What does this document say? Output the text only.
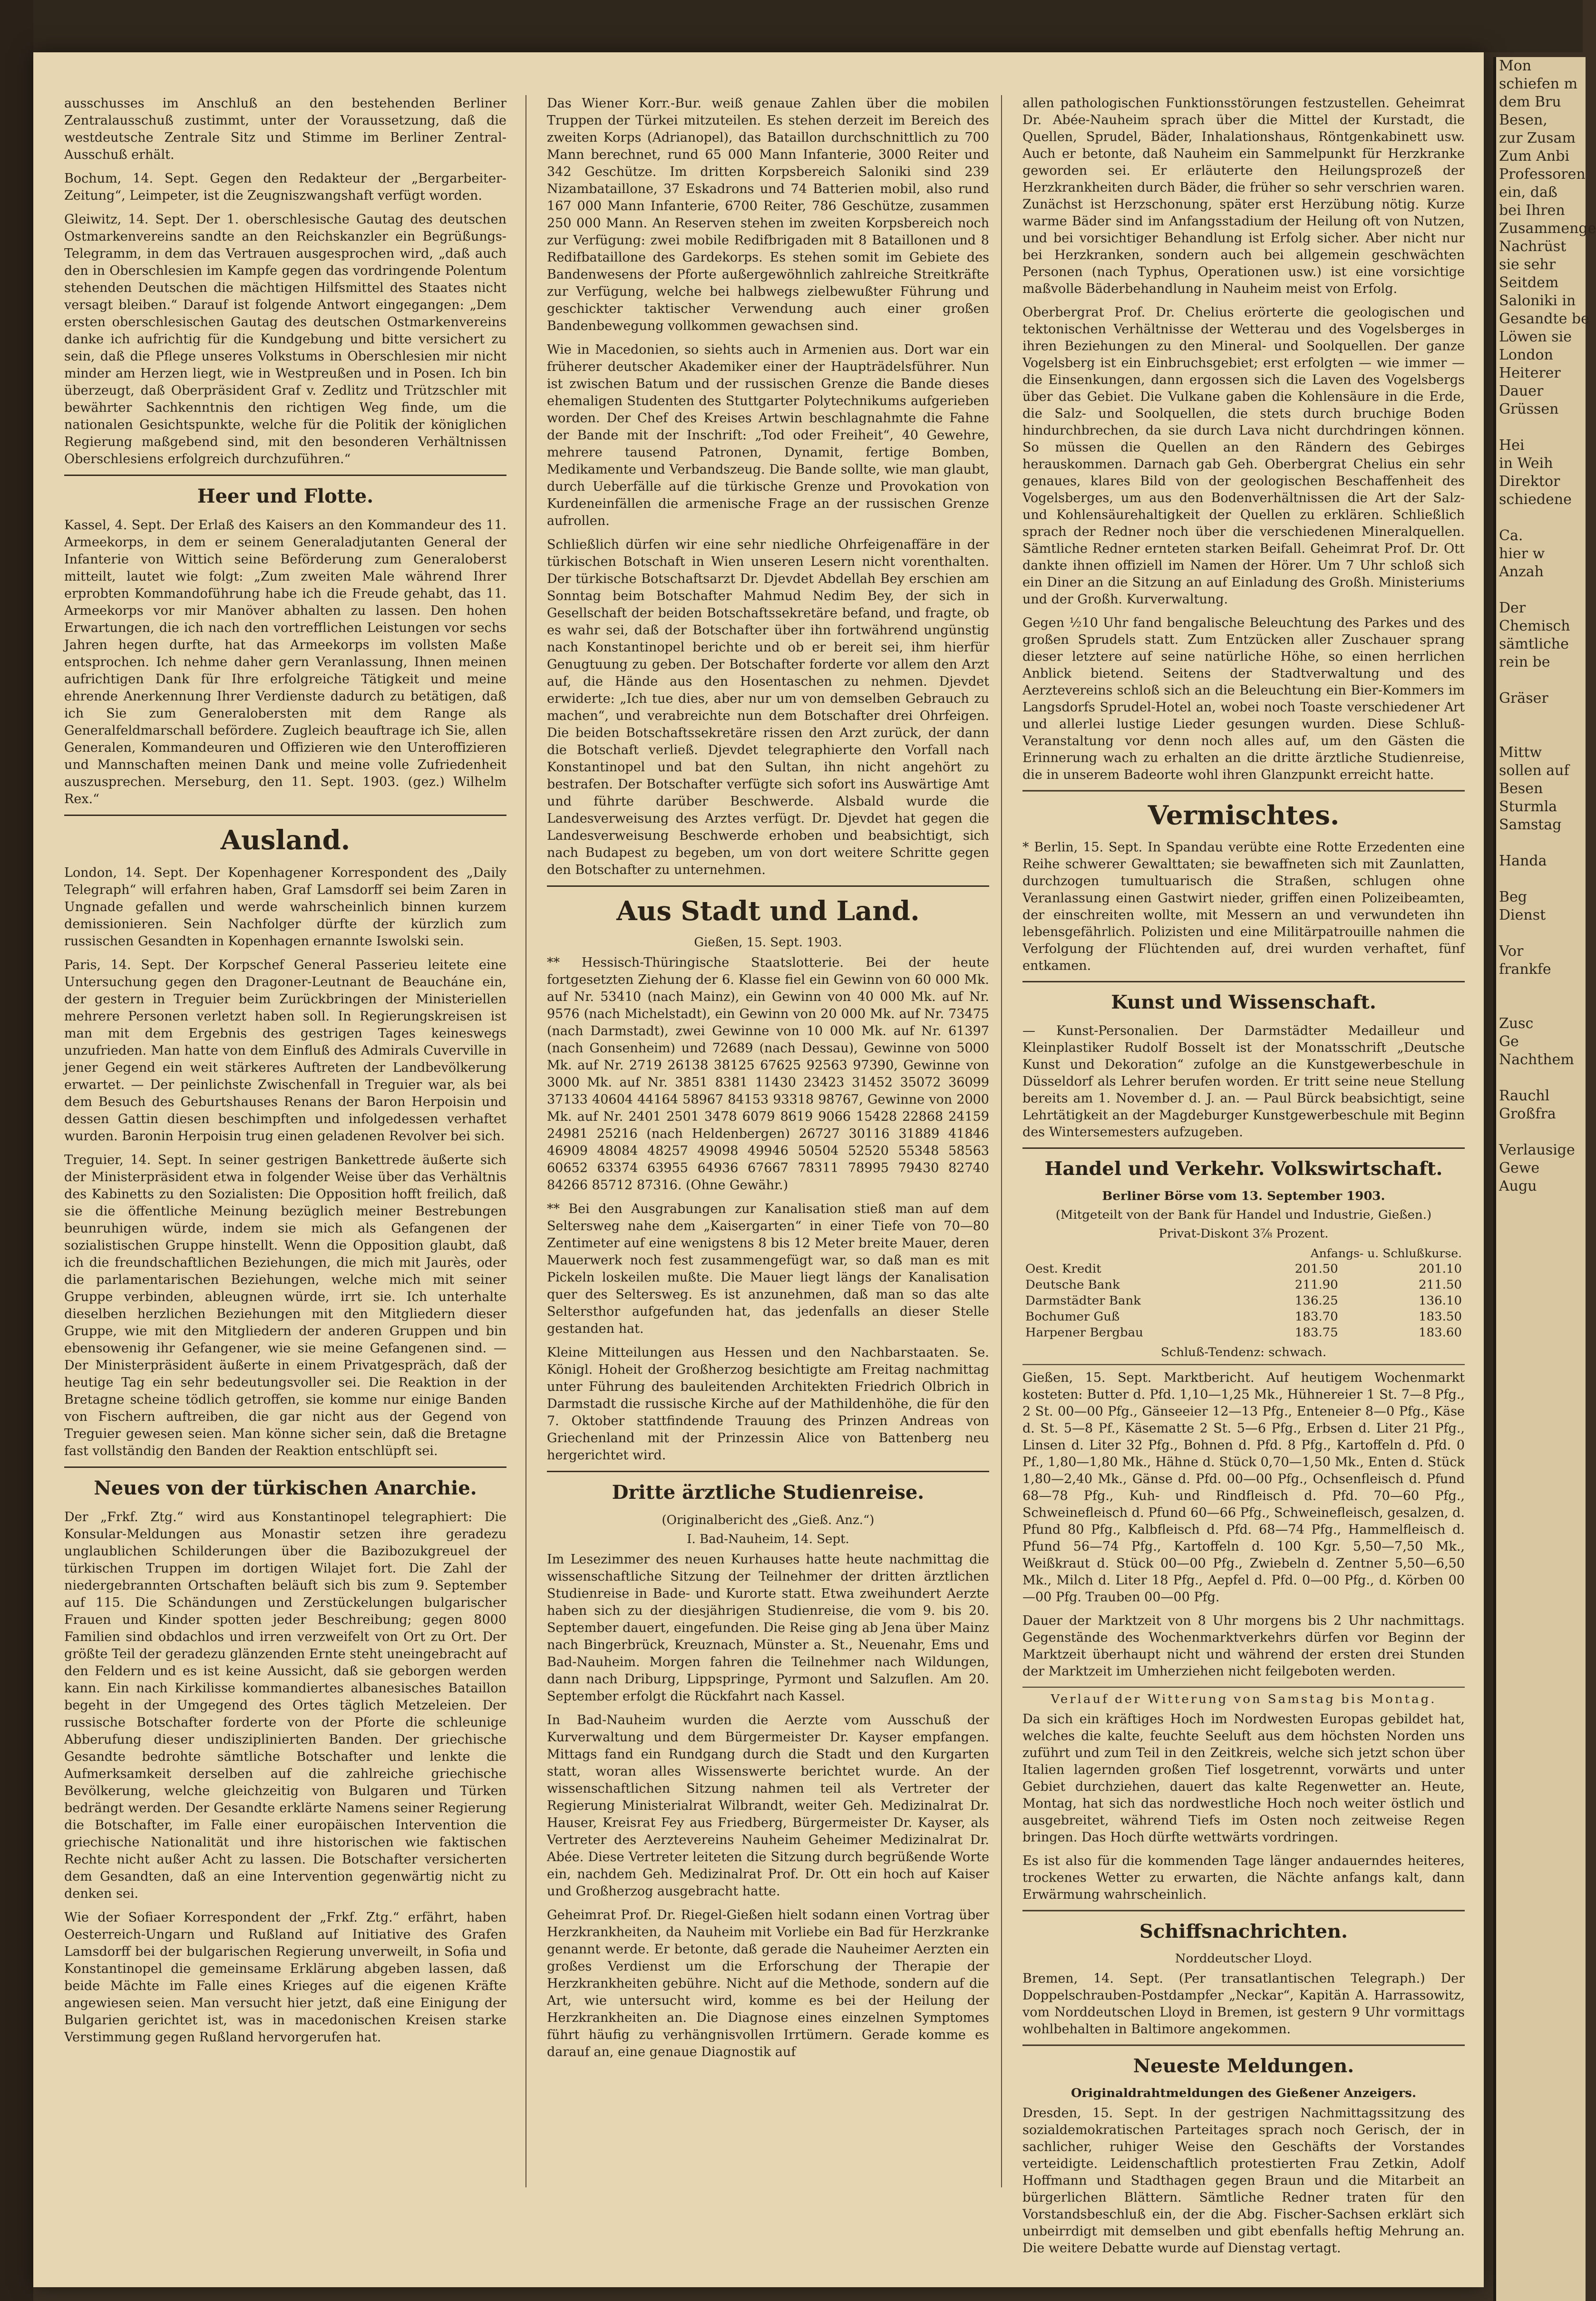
ausschusses im Anschluß an den bestehenden Berliner Zentralausschuß zustimmt, unter der Voraussetzung, daß die westdeutsche Zentrale Sitz und Stimme im Berliner Zentral-Ausschuß erhält.

Bochum, 14. Sept. Gegen den Redakteur der „Bergarbeiter-Zeitung“, Leimpeter, ist die Zeugniszwangshaft verfügt worden.

Gleiwitz, 14. Sept. Der 1. oberschlesische Gautag des deutschen Ostmarkenvereins sandte an den Reichskanzler ein Begrüßungs-Telegramm, in dem das Vertrauen ausgesprochen wird, „daß auch den in Oberschlesien im Kampfe gegen das vordringende Polentum stehenden Deutschen die mächtigen Hilfsmittel des Staates nicht versagt bleiben.“ Darauf ist folgende Antwort eingegangen: „Dem ersten oberschlesischen Gautag des deutschen Ostmarkenvereins danke ich aufrichtig für die Kundgebung und bitte versichert zu sein, daß die Pflege unseres Volkstums in Oberschlesien mir nicht minder am Herzen liegt, wie in Westpreußen und in Posen. Ich bin überzeugt, daß Oberpräsident Graf v. Zedlitz und Trützschler mit bewährter Sachkenntnis den richtigen Weg finde, um die nationalen Gesichtspunkte, welche für die Politik der königlichen Regierung maßgebend sind, mit den besonderen Verhältnissen Oberschlesiens erfolgreich durchzuführen.“

Heer und Flotte.

Kassel, 4. Sept. Der Erlaß des Kaisers an den Kommandeur des 11. Armeekorps, in dem er seinem Generaladjutanten General der Infanterie von Wittich seine Beförderung zum Generaloberst mitteilt, lautet wie folgt: „Zum zweiten Male während Ihrer erprobten Kommandoführung habe ich die Freude gehabt, das 11. Armeekorps vor mir Manöver abhalten zu lassen. Den hohen Erwartungen, die ich nach den vortrefflichen Leistungen vor sechs Jahren hegen durfte, hat das Armeekorps im vollsten Maße entsprochen. Ich nehme daher gern Veranlassung, Ihnen meinen aufrichtigen Dank für Ihre erfolgreiche Tätigkeit und meine ehrende Anerkennung Ihrer Verdienste dadurch zu betätigen, daß ich Sie zum Generalobersten mit dem Range als Generalfeldmarschall befördere. Zugleich beauftrage ich Sie, allen Generalen, Kommandeuren und Offizieren wie den Unteroffizieren und Mannschaften meinen Dank und meine volle Zufriedenheit auszusprechen. Merseburg, den 11. Sept. 1903. (gez.) Wilhelm Rex.“

Ausland.

London, 14. Sept. Der Kopenhagener Korrespondent des „Daily Telegraph“ will erfahren haben, Graf Lamsdorff sei beim Zaren in Ungnade gefallen und werde wahrscheinlich binnen kurzem demissionieren. Sein Nachfolger dürfte der kürzlich zum russischen Gesandten in Kopenhagen ernannte Iswolski sein.

Paris, 14. Sept. Der Korpschef General Passerieu leitete eine Untersuchung gegen den Dragoner-Leutnant de Beaucháne ein, der gestern in Treguier beim Zurückbringen der Ministeriellen mehrere Personen verletzt haben soll. In Regierungskreisen ist man mit dem Ergebnis des gestrigen Tages keineswegs unzufrieden. Man hatte von dem Einfluß des Admirals Cuverville in jener Gegend ein weit stärkeres Auftreten der Landbevölkerung erwartet. — Der peinlichste Zwischenfall in Treguier war, als bei dem Besuch des Geburtshauses Renans der Baron Herpoisin und dessen Gattin diesen beschimpften und infolgedessen verhaftet wurden. Baronin Herpoisin trug einen geladenen Revolver bei sich.

Treguier, 14. Sept. In seiner gestrigen Bankettrede äußerte sich der Ministerpräsident etwa in folgender Weise über das Verhältnis des Kabinetts zu den Sozialisten: Die Opposition hofft freilich, daß sie die öffentliche Meinung bezüglich meiner Bestrebungen beunruhigen würde, indem sie mich als Gefangenen der sozialistischen Gruppe hinstellt. Wenn die Opposition glaubt, daß ich die freundschaftlichen Beziehungen, die mich mit Jaurès, oder die parlamentarischen Beziehungen, welche mich mit seiner Gruppe verbinden, ableugnen würde, irrt sie. Ich unterhalte dieselben herzlichen Beziehungen mit den Mitgliedern dieser Gruppe, wie mit den Mitgliedern der anderen Gruppen und bin ebensowenig ihr Gefangener, wie sie meine Gefangenen sind. — Der Ministerpräsident äußerte in einem Privatgespräch, daß der heutige Tag ein sehr bedeutungsvoller sei. Die Reaktion in der Bretagne scheine tödlich getroffen, sie komme nur einige Banden von Fischern auftreiben, die gar nicht aus der Gegend von Treguier gewesen seien. Man könne sicher sein, daß die Bretagne fast vollständig den Banden der Reaktion entschlüpft sei.

Neues von der türkischen Anarchie.

Der „Frkf. Ztg.“ wird aus Konstantinopel telegraphiert: Die Konsular-Meldungen aus Monastir setzen ihre geradezu unglaublichen Schilderungen über die Bazibozukgreuel der türkischen Truppen im dortigen Wilajet fort. Die Zahl der niedergebrannten Ortschaften beläuft sich bis zum 9. September auf 115. Die Schändungen und Zerstückelungen bulgarischer Frauen und Kinder spotten jeder Beschreibung; gegen 8000 Familien sind obdachlos und irren verzweifelt von Ort zu Ort. Der größte Teil der geradezu glänzenden Ernte steht uneingebracht auf den Feldern und es ist keine Aussicht, daß sie geborgen werden kann. Ein nach Kirkilisse kommandiertes albanesisches Bataillon begeht in der Umgegend des Ortes täglich Metzeleien. Der russische Botschafter forderte von der Pforte die schleunige Abberufung dieser undisziplinierten Banden. Der griechische Gesandte bedrohte sämtliche Botschafter und lenkte die Aufmerksamkeit derselben auf die zahlreiche griechische Bevölkerung, welche gleichzeitig von Bulgaren und Türken bedrängt werden. Der Gesandte erklärte Namens seiner Regierung die Botschafter, im Falle einer europäischen Intervention die griechische Nationalität und ihre historischen wie faktischen Rechte nicht außer Acht zu lassen. Die Botschafter versicherten dem Gesandten, daß an eine Intervention gegenwärtig nicht zu denken sei.

Wie der Sofiaer Korrespondent der „Frkf. Ztg.“ erfährt, haben Oesterreich-Ungarn und Rußland auf Initiative des Grafen Lamsdorff bei der bulgarischen Regierung unverweilt, in Sofia und Konstantinopel die gemeinsame Erklärung abgeben lassen, daß beide Mächte im Falle eines Krieges auf die eigenen Kräfte angewiesen seien. Man versucht hier jetzt, daß eine Einigung der Bulgarien gerichtet ist, was in macedonischen Kreisen starke Verstimmung gegen Rußland hervorgerufen hat.

Das Wiener Korr.-Bur. weiß genaue Zahlen über die mobilen Truppen der Türkei mitzuteilen. Es stehen derzeit im Bereich des zweiten Korps (Adrianopel), das Bataillon durchschnittlich zu 700 Mann berechnet, rund 65 000 Mann Infanterie, 3000 Reiter und 342 Geschütze. Im dritten Korpsbereich Saloniki sind 239 Nizambataillone, 37 Eskadrons und 74 Batterien mobil, also rund 167 000 Mann Infanterie, 6700 Reiter, 786 Geschütze, zusammen 250 000 Mann. An Reserven stehen im zweiten Korpsbereich noch zur Verfügung: zwei mobile Redifbrigaden mit 8 Bataillonen und 8 Redifbataillone des Gardekorps. Es stehen somit im Gebiete des Bandenwesens der Pforte außergewöhnlich zahlreiche Streitkräfte zur Verfügung, welche bei halbwegs zielbewußter Führung und geschickter taktischer Verwendung auch einer großen Bandenbewegung vollkommen gewachsen sind.

Wie in Macedonien, so siehts auch in Armenien aus. Dort war ein früherer deutscher Akademiker einer der Haupträdelsführer. Nun ist zwischen Batum und der russischen Grenze die Bande dieses ehemaligen Studenten des Stuttgarter Polytechnikums aufgerieben worden. Der Chef des Kreises Artwin beschlagnahmte die Fahne der Bande mit der Inschrift: „Tod oder Freiheit“, 40 Gewehre, mehrere tausend Patronen, Dynamit, fertige Bomben, Medikamente und Verbandszeug. Die Bande sollte, wie man glaubt, durch Ueberfälle auf die türkische Grenze und Provokation von Kurdeneinfällen die armenische Frage an der russischen Grenze aufrollen.

Schließlich dürfen wir eine sehr niedliche Ohrfeigenaffäre in der türkischen Botschaft in Wien unseren Lesern nicht vorenthalten. Der türkische Botschaftsarzt Dr. Djevdet Abdellah Bey erschien am Sonntag beim Botschafter Mahmud Nedim Bey, der sich in Gesellschaft der beiden Botschaftssekretäre befand, und fragte, ob es wahr sei, daß der Botschafter über ihn fortwährend ungünstig nach Konstantinopel berichte und ob er bereit sei, ihm hierfür Genugtuung zu geben. Der Botschafter forderte vor allem den Arzt auf, die Hände aus den Hosentaschen zu nehmen. Djevdet erwiderte: „Ich tue dies, aber nur um von demselben Gebrauch zu machen“, und verabreichte nun dem Botschafter drei Ohrfeigen. Die beiden Botschaftssekretäre rissen den Arzt zurück, der dann die Botschaft verließ. Djevdet telegraphierte den Vorfall nach Konstantinopel und bat den Sultan, ihn nicht angehört zu bestrafen. Der Botschafter verfügte sich sofort ins Auswärtige Amt und führte darüber Beschwerde. Alsbald wurde die Landesverweisung des Arztes verfügt. Dr. Djevdet hat gegen die Landesverweisung Beschwerde erhoben und beabsichtigt, sich nach Budapest zu begeben, um von dort weitere Schritte gegen den Botschafter zu unternehmen.

Aus Stadt und Land.
Gießen, 15. Sept. 1903.

** Hessisch-Thüringische Staatslotterie. Bei der heute fortgesetzten Ziehung der 6. Klasse fiel ein Gewinn von 60 000 Mk. auf Nr. 53410 (nach Mainz), ein Gewinn von 40 000 Mk. auf Nr. 9576 (nach Michelstadt), ein Gewinn von 20 000 Mk. auf Nr. 73475 (nach Darmstadt), zwei Gewinne von 10 000 Mk. auf Nr. 61397 (nach Gonsenheim) und 72689 (nach Dessau), Gewinne von 5000 Mk. auf Nr. 2719 26138 38125 67625 92563 97390, Gewinne von 3000 Mk. auf Nr. 3851 8381 11430 23423 31452 35072 36099 37133 40604 44164 58967 84153 93318 98767, Gewinne von 2000 Mk. auf Nr. 2401 2501 3478 6079 8619 9066 15428 22868 24159 24981 25216 (nach Heldenbergen) 26727 30116 31889 41846 46909 48084 48257 49098 49946 50504 52520 55348 58563 60652 63374 63955 64936 67667 78311 78995 79430 82740 84266 85712 87316. (Ohne Gewähr.)

** Bei den Ausgrabungen zur Kanalisation stieß man auf dem Seltersweg nahe dem „Kaisergarten“ in einer Tiefe von 70—80 Zentimeter auf eine wenigstens 8 bis 12 Meter breite Mauer, deren Mauerwerk noch fest zusammengefügt war, so daß man es mit Pickeln loskeilen mußte. Die Mauer liegt längs der Kanalisation quer des Seltersweg. Es ist anzunehmen, daß man so das alte Seltersthor aufgefunden hat, das jedenfalls an dieser Stelle gestanden hat.

Kleine Mitteilungen aus Hessen und den Nachbarstaaten. Se. Königl. Hoheit der Großherzog besichtigte am Freitag nachmittag unter Führung des bauleitenden Architekten Friedrich Olbrich in Darmstadt die russische Kirche auf der Mathildenhöhe, die für den 7. Oktober stattfindende Trauung des Prinzen Andreas von Griechenland mit der Prinzessin Alice von Battenberg neu hergerichtet wird.

Dritte ärztliche Studienreise.
(Originalbericht des „Gieß. Anz.“)
I. Bad-Nauheim, 14. Sept.

Im Lesezimmer des neuen Kurhauses hatte heute nachmittag die wissenschaftliche Sitzung der Teilnehmer der dritten ärztlichen Studienreise in Bade- und Kurorte statt. Etwa zweihundert Aerzte haben sich zu der diesjährigen Studienreise, die vom 9. bis 20. September dauert, eingefunden. Die Reise ging ab Jena über Mainz nach Bingerbrück, Kreuznach, Münster a. St., Neuenahr, Ems und Bad-Nauheim. Morgen fahren die Teilnehmer nach Wildungen, dann nach Driburg, Lippspringe, Pyrmont und Salzuflen. Am 20. September erfolgt die Rückfahrt nach Kassel.

In Bad-Nauheim wurden die Aerzte vom Ausschuß der Kurverwaltung und dem Bürgermeister Dr. Kayser empfangen. Mittags fand ein Rundgang durch die Stadt und den Kurgarten statt, woran alles Wissenswerte berichtet wurde. An der wissenschaftlichen Sitzung nahmen teil als Vertreter der Regierung Ministerialrat Wilbrandt, weiter Geh. Medizinalrat Dr. Hauser, Kreisrat Fey aus Friedberg, Bürgermeister Dr. Kayser, als Vertreter des Aerztevereins Nauheim Geheimer Medizinalrat Dr. Abée. Diese Vertreter leiteten die Sitzung durch begrüßende Worte ein, nachdem Geh. Medizinalrat Prof. Dr. Ott ein hoch auf Kaiser und Großherzog ausgebracht hatte.

Geheimrat Prof. Dr. Riegel-Gießen hielt sodann einen Vortrag über Herzkrankheiten, da Nauheim mit Vorliebe ein Bad für Herzkranke genannt werde. Er betonte, daß gerade die Nauheimer Aerzten ein großes Verdienst um die Erforschung der Therapie der Herzkrankheiten gebühre. Nicht auf die Methode, sondern auf die Art, wie untersucht wird, komme es bei der Heilung der Herzkrankheiten an. Die Diagnose eines einzelnen Symptomes führt häufig zu verhängnisvollen Irrtümern. Gerade komme es darauf an, eine genaue Diagnostik auf

allen pathologischen Funktionsstörungen festzustellen. Geheimrat Dr. Abée-Nauheim sprach über die Mittel der Kurstadt, die Quellen, Sprudel, Bäder, Inhalationshaus, Röntgenkabinett usw. Auch er betonte, daß Nauheim ein Sammelpunkt für Herzkranke geworden sei. Er erläuterte den Heilungsprozeß der Herzkrankheiten durch Bäder, die früher so sehr verschrien waren. Zunächst ist Herzschonung, später erst Herzübung nötig. Kurze warme Bäder sind im Anfangsstadium der Heilung oft von Nutzen, und bei vorsichtiger Behandlung ist Erfolg sicher. Aber nicht nur bei Herzkranken, sondern auch bei allgemein geschwächten Personen (nach Typhus, Operationen usw.) ist eine vorsichtige maßvolle Bäderbehandlung in Nauheim meist von Erfolg.

Oberbergrat Prof. Dr. Chelius erörterte die geologischen und tektonischen Verhältnisse der Wetterau und des Vogelsberges in ihren Beziehungen zu den Mineral- und Soolquellen. Der ganze Vogelsberg ist ein Einbruchsgebiet; erst erfolgten — wie immer — die Einsenkungen, dann ergossen sich die Laven des Vogelsbergs über das Gebiet. Die Vulkane gaben die Kohlensäure in die Erde, die Salz- und Soolquellen, die stets durch bruchige Boden hindurchbrechen, da sie durch Lava nicht durchdringen können. So müssen die Quellen an den Rändern des Gebirges herauskommen. Darnach gab Geh. Oberbergrat Chelius ein sehr genaues, klares Bild von der geologischen Beschaffenheit des Vogelsberges, um aus den Bodenverhältnissen die Art der Salz- und Kohlensäurehaltigkeit der Quellen zu erklären. Schließlich sprach der Redner noch über die verschiedenen Mineralquellen. Sämtliche Redner ernteten starken Beifall. Geheimrat Prof. Dr. Ott dankte ihnen offiziell im Namen der Hörer. Um 7 Uhr schloß sich ein Diner an die Sitzung an auf Einladung des Großh. Ministeriums und der Großh. Kurverwaltung.

Gegen ½10 Uhr fand bengalische Beleuchtung des Parkes und des großen Sprudels statt. Zum Entzücken aller Zuschauer sprang dieser letztere auf seine natürliche Höhe, so einen herrlichen Anblick bietend. Seitens der Stadtverwaltung und des Aerztevereins schloß sich an die Beleuchtung ein Bier-Kommers im Langsdorfs Sprudel-Hotel an, wobei noch Toaste verschiedener Art und allerlei lustige Lieder gesungen wurden. Diese Schluß-Veranstaltung vor denn noch alles auf, um den Gästen die Erinnerung wach zu erhalten an die dritte ärztliche Studienreise, die in unserem Badeorte wohl ihren Glanzpunkt erreicht hatte.

Vermischtes.

* Berlin, 15. Sept. In Spandau verübte eine Rotte Erzedenten eine Reihe schwerer Gewalttaten; sie bewaffneten sich mit Zaunlatten, durchzogen tumultuarisch die Straßen, schlugen ohne Veranlassung einen Gastwirt nieder, griffen einen Polizeibeamten, der einschreiten wollte, mit Messern an und verwundeten ihn lebensgefährlich. Polizisten und eine Militärpatrouille nahmen die Verfolgung der Flüchtenden auf, drei wurden verhaftet, fünf entkamen.

Kunst und Wissenschaft.

— Kunst-Personalien. Der Darmstädter Medailleur und Kleinplastiker Rudolf Bosselt ist der Monatsschrift „Deutsche Kunst und Dekoration“ zufolge an die Kunstgewerbeschule in Düsseldorf als Lehrer berufen worden. Er tritt seine neue Stellung bereits am 1. November d. J. an. — Paul Bürck beabsichtigt, seine Lehrtätigkeit an der Magdeburger Kunstgewerbeschule mit Beginn des Wintersemesters aufzugeben.

Handel und Verkehr. Volkswirtschaft.
Berliner Börse vom 13. September 1903.
(Mitgeteilt von der Bank für Handel und Industrie, Gießen.)
Privat-Diskont 3⅞ Prozent.
	Anfangs- u. Schlußkurse.	
Oest. Kredit	201.50	201.10
Deutsche Bank	211.90	211.50
Darmstädter Bank	136.25	136.10
Bochumer Guß	183.70	183.50
Harpener Bergbau	183.75	183.60
Schluß-Tendenz: schwach.

Gießen, 15. Sept. Marktbericht. Auf heutigem Wochenmarkt kosteten: Butter d. Pfd. 1,10—1,25 Mk., Hühnereier 1 St. 7—8 Pfg., 2 St. 00—00 Pfg., Gänseeier 12—13 Pfg., Enteneier 8—0 Pfg., Käse d. St. 5—8 Pf., Käsematte 2 St. 5—6 Pfg., Erbsen d. Liter 21 Pfg., Linsen d. Liter 32 Pfg., Bohnen d. Pfd. 8 Pfg., Kartoffeln d. Pfd. 0 Pf., 1,80—1,80 Mk., Hähne d. Stück 0,70—1,50 Mk., Enten d. Stück 1,80—2,40 Mk., Gänse d. Pfd. 00—00 Pfg., Ochsenfleisch d. Pfund 68—78 Pfg., Kuh- und Rindfleisch d. Pfd. 70—60 Pfg., Schweinefleisch d. Pfund 60—66 Pfg., Schweinefleisch, gesalzen, d. Pfund 80 Pfg., Kalbfleisch d. Pfd. 68—74 Pfg., Hammelfleisch d. Pfund 56—74 Pfg., Kartoffeln d. 100 Kgr. 5,50—7,50 Mk., Weißkraut d. Stück 00—00 Pfg., Zwiebeln d. Zentner 5,50—6,50 Mk., Milch d. Liter 18 Pfg., Aepfel d. Pfd. 0—00 Pfg., d. Körben 00—00 Pfg. Trauben 00—00 Pfg.

Dauer der Marktzeit von 8 Uhr morgens bis 2 Uhr nachmittags. Gegenstände des Wochenmarktverkehrs dürfen vor Beginn der Marktzeit überhaupt nicht und während der ersten drei Stunden der Marktzeit im Umherziehen nicht feilgeboten werden.

Verlauf der Witterung von Samstag bis Montag.

Da sich ein kräftiges Hoch im Nordwesten Europas gebildet hat, welches die kalte, feuchte Seeluft aus dem höchsten Norden uns zuführt und zum Teil in den Zeitkreis, welche sich jetzt schon über Italien lagernden großen Tief losgetrennt, vorwärts und unter Gebiet durchziehen, dauert das kalte Regenwetter an. Heute, Montag, hat sich das nordwestliche Hoch noch weiter östlich und ausgebreitet, während Tiefs im Osten noch zeitweise Regen bringen. Das Hoch dürfte wettwärts vordringen.

Es ist also für die kommenden Tage länger andauerndes heiteres, trockenes Wetter zu erwarten, die Nächte anfangs kalt, dann Erwärmung wahrscheinlich.

Schiffsnachrichten.
Norddeutscher Lloyd.

Bremen, 14. Sept. (Per transatlantischen Telegraph.) Der Doppelschrauben-Postdampfer „Neckar“, Kapitän A. Harrassowitz, vom Norddeutschen Lloyd in Bremen, ist gestern 9 Uhr vormittags wohlbehalten in Baltimore angekommen.

Neueste Meldungen.
Originaldrahtmeldungen des Gießener Anzeigers.

Dresden, 15. Sept. In der gestrigen Nachmittagssitzung des sozialdemokratischen Parteitages sprach noch Gerisch, der in sachlicher, ruhiger Weise den Geschäfts der Vorstandes verteidigte. Leidenschaftlich protestierten Frau Zetkin, Adolf Hoffmann und Stadthagen gegen Braun und die Mitarbeit an bürgerlichen Blättern. Sämtliche Redner traten für den Vorstandsbeschluß ein, der die Abg. Fischer-Sachsen erklärt sich unbeirrdigt mit demselben und gibt ebenfalls heftig Mehrung an. Die weitere Debatte wurde auf Dienstag vertagt.

Mon
schiefen m
dem Bru
Besen,
zur Zusam
Zum Anbi
Professoren
ein, daß
bei Ihren
Zusammenge
Nachrüst
sie sehr
Seitdem
Saloniki in
Gesandte be
Löwen sie
London
Heiterer
Dauer
Grüssen

Hei
in Weih
Direktor
schiedene

Ca.
hier w
Anzah

Der
Chemisch
sämtliche
rein be

Gräser

Mittw
sollen auf
Besen
Sturmla
Samstag

Handa

Beg
Dienst

Vor
frankfe

Zusc
Ge
Nachthem

Rauchl
Großfra

Verlausige
Gewe
Augu
